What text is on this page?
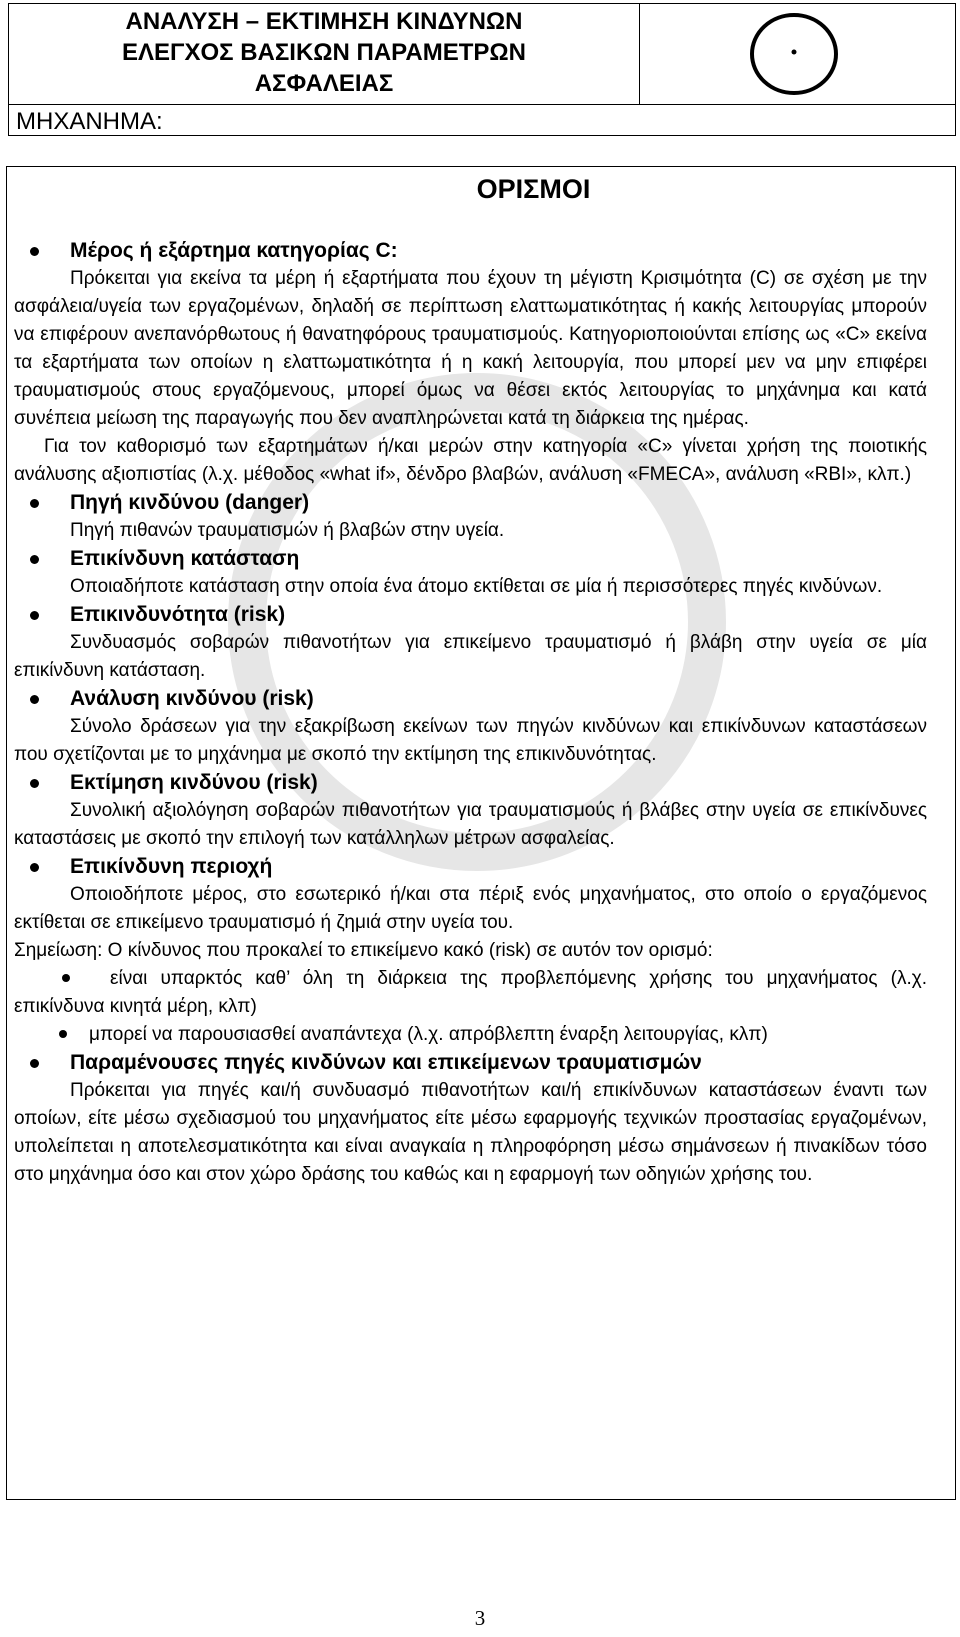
ΑΝΑΛΥΣΗ – ΕΚΤΙΜΗΣΗ ΚΙΝΔΥΝΩΝ
ΕΛΕΓΧΟΣ ΒΑΣΙΚΩΝ ΠΑΡΑΜΕΤΡΩΝ
ΑΣΦΑΛΕΙΑΣ
ΜΗΧΑΝΗΜΑ:
ΟΡΙΣΜΟΙ
Μέρος ή εξάρτημα κατηγορίας C:
Πρόκειται για εκείνα τα μέρη ή εξαρτήματα που έχουν τη μέγιστη Κρισιμότητα (C) σε σχέση με την ασφάλεια/υγεία των εργαζομένων, δηλαδή σε περίπτωση ελαττωματικότητας ή κακής λειτουργίας μπορούν να επιφέρουν ανεπανόρθωτους ή θανατηφόρους τραυματισμούς. Κατηγοριοποιούνται επίσης ως «C» εκείνα τα εξαρτήματα των οποίων η ελαττωματικότητα ή η κακή λειτουργία, που μπορεί μεν να μην επιφέρει τραυματισμούς στους εργαζόμενους, μπορεί όμως να θέσει εκτός λειτουργίας το μηχάνημα και κατά συνέπεια μείωση της παραγωγής που δεν αναπληρώνεται κατά τη διάρκεια της ημέρας.
Για τον καθορισμό των εξαρτημάτων ή/και μερών στην κατηγορία «C» γίνεται χρήση της ποιοτικής ανάλυσης αξιοπιστίας (λ.χ. μέθοδος «what if», δένδρο βλαβών, ανάλυση «FMECA», ανάλυση «RBI», κλπ.)
Πηγή κινδύνου (danger)
Πηγή πιθανών τραυματισμών ή βλαβών στην υγεία.
Επικίνδυνη κατάσταση
Οποιαδήποτε κατάσταση στην οποία ένα άτομο εκτίθεται σε μία ή περισσότερες πηγές κινδύνων.
Επικινδυνότητα (risk)
Συνδυασμός σοβαρών πιθανοτήτων για επικείμενο τραυματισμό ή βλάβη στην υγεία σε μία επικίνδυνη κατάσταση.
Ανάλυση κινδύνου (risk)
Σύνολο δράσεων για την εξακρίβωση εκείνων των πηγών κινδύνων και επικίνδυνων καταστάσεων που σχετίζονται με το μηχάνημα με σκοπό την εκτίμηση της επικινδυνότητας.
Εκτίμηση κινδύνου (risk)
Συνολική αξιολόγηση σοβαρών πιθανοτήτων για τραυματισμούς ή βλάβες στην υγεία σε επικίνδυνες καταστάσεις με σκοπό την επιλογή των κατάλληλων μέτρων ασφαλείας.
Επικίνδυνη περιοχή
Οποιοδήποτε μέρος, στο εσωτερικό ή/και στα πέριξ ενός μηχανήματος, στο οποίο ο εργαζόμενος εκτίθεται σε επικείμενο τραυματισμό ή ζημιά στην υγεία του.
Σημείωση: Ο κίνδυνος που προκαλεί το επικείμενο κακό (risk) σε αυτόν τον ορισμό:
είναι υπαρκτός καθ’ όλη τη διάρκεια της προβλεπόμενης χρήσης του μηχανήματος (λ.χ. επικίνδυνα κινητά μέρη, κλπ)
μπορεί να παρουσιασθεί αναπάντεχα (λ.χ. απρόβλεπτη έναρξη λειτουργίας, κλπ)
Παραμένουσες πηγές κινδύνων και επικείμενων τραυματισμών
Πρόκειται για πηγές και/ή συνδυασμό πιθανοτήτων και/ή επικίνδυνων καταστάσεων έναντι των οποίων, είτε μέσω σχεδιασμού του μηχανήματος είτε μέσω εφαρμογής τεχνικών προστασίας εργαζομένων, υπολείπεται η αποτελεσματικότητα και είναι αναγκαία η πληροφόρηση μέσω σημάνσεων ή πινακίδων τόσο στο μηχάνημα όσο και στον χώρο δράσης του καθώς και η εφαρμογή των οδηγιών χρήσης του.
3
